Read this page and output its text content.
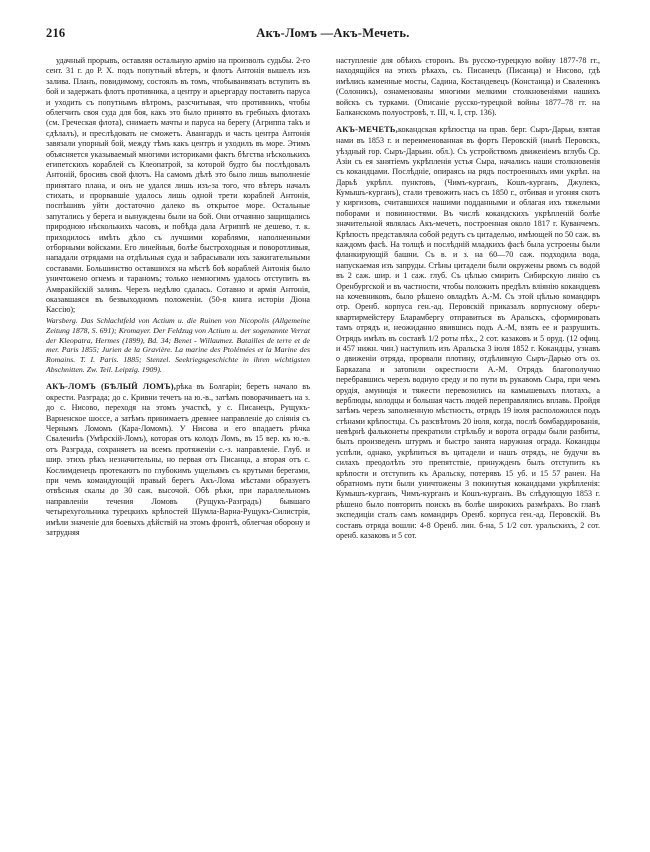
216	Акъ-Ломъ —Акъ-Мечеть.

удачный прорывъ, оставляя остальную армію на произволъ судьбы. 2-го сент. 31 г. до Р. Х. подъ попутный вѣтеръ, и флотъ Антонія вышелъ изъ залива. Планъ, повидимому, состоялъ въ томъ, чтобыванвязать вступить въ бой и задержать флотъ противника, а центру и арьергарду поставить паруса и уходить съ попутнымъ вѣтромъ, разсчитывая, что противникъ, чтобы облегчить своя суда для боя, какъ это было принято въ гребныхъ флотахъ (см. Греческая флота), снимаетъ мачты и паруса на берегу (Агриппа таkъ и сдѣлалъ), и преслѣдовать не сможетъ. Авангардъ и часть центра Антонія завязали упорный бой, между тѣмъ какъ центръ и уходилъ въ море. Этимъ объясняется указываемый многими историками фактъ бѣгства нѣсколькихъ египетскихъ кораблей съ Клеопатрой, за которой будто бы послѣдовалъ Антоній, бросивъ свой флотъ. На самомъ дѣлѣ это было лишь выполненіе принятаго плана, и онъ не удался лишь изъ-за того, что вѣтеръ началъ стихать, и прорвавшіе удалось лишь одной трети кораблей Антонія, поспѣшивъ уйти достаточно далеко въ открытое море. Остальные запутались у берега и вынуждены были на бой. Они отчаянно защищались природною нѣсколькихъ часовъ, и побѣда дала Агриппѣ не дешево, т. к. приходилось имѣть дѣло съ лучшими кораблями, наполненными отборными войсками. Его линейныя, болѣе быстроходныя и поворотливыя, нападали отрядами на отдѣльныя суда и забрасывали ихъ зажигательными составами. Большинство оставшихся на мѣстѣ боѣ кораблей Антонія было уничтожено огнемъ и тараномъ; только немногимъ удалось отступить въ Амвракійскій заливъ. Черезъ недѣлю сдалась. Сотавно и армія Антонія, оказавшаяся въ безвыходномъ положеніи. (50-я книга исторіи Діона Кассію);

Warsberg. Das Schlachtfeld von Actium u. die Ruinen von Nicopolis (Allgemeine Zeitung 1878, S. 691); Kromayer. Der Feldzug von Actium u. der sogenannte Verrat der Kleopatra, Hermes (1899), Bd. 34; Benet - Willaumez. Batailles de terre et de mer. Paris 1855; Jurien de la Gravière. La marine des Ptolémées et la Marine des Romains. T. I. Paris. 1885; Stenzel. Seekriegsgeschichte in ihren wichtigsten Abschnitten. Zw. Teil. Leipzig. 1909).

АКЪ-ЛОМЪ (БѢЛЫЙ ЛОМЪ),рѣка въ Болгаріи; беретъ начало въ окрести. Разграда; до с. Кривни течетъ на ю.-в., затѣмъ поворачиваетъ на з. до с. Нисово, переходя на этомъ участкѣ, у с. Писанецъ, Рущукъ-Варненское шоссе, а затѣмъ принимаетъ древнее направленіе до сліянія съ Чернымъ Ломомъ (Кара-Ломомъ). У Нисова и его впадаетъ рѣчка Свалениѣъ (Умѣрскій-Ломъ), которая отъ колодъ Ломъ, въ 15 вер. къ ю.-в. отъ Разграда, сохраняетъ на всемъ протяженіи с.-з. направленіе. Глуб. и шир. этихъ рѣкъ незначительны, но первая отъ Писанца, а вторая отъ с. Кослимденецъ протекаютъ по глубокимъ ущельямъ съ крутыми берегами, при чемъ командующій правый берегъ Акъ-Лома мѣстами образуетъ отвѣсныя скалы до 30 саж. высочой. Обѣ рѣки, при параллельномъ направленіи течения Ломовъ (Рущукъ-Разградъ) бывшаго четырехугольника турецкихъ крѣпостей Шумла-Варна-Рущукъ-Силистрія, имѣли значеніе для боевыхъ дѣйствій на этомъ фронтѣ, облегчая оборону и затрудняя

наступленіе для обѣихъ сторонъ. Въ русско-турецкую войну 1877-78 гг., находящійся на этихъ рѣкахъ, съ. Писанецъ (Писанца) и Нисово, гдѣ имѣлись каменные мосты, Садина, Костандевецъ (Констанца) и Сваленикъ (Солоникъ), ознаменованы многими мелкими столкновеніями нашихъ войскъ съ турками. (Описаніе русско-турецкой войны 1877–78 гг. на Балканскомъ полуостровѣ, т. III, ч. I, стр. 136).

АКЪ-МЕЧЕТЬ,кокандская крѣпостца на прав. берг. Сыръ-Дарьи, взятая нами въ 1853 г. и переименованная въ фортъ Перовскій (нынѣ Перовскъ, уѣздный гор. Сыръ-Дарьин. обл.). Съ устройствомъ движеніемъ вглубь Ср. Азіи съ ея занятіемъ укрѣпленія устья Сыра, начались наши столкновенія съ кокандцами. Послѣдніе, опираясь на рядъ построенныхъ ими укрѣп. на Дарьѣ укрѣпл. пунктовъ, (Чимъ-курганъ, Кошъ-курганъ, Джулекъ, Кумышъ-курганъ), стали тревожить насъ съ 1850 г., отбивая и угоняя скотъ у киргизовъ, считавшихся нашими подданными и облагая ихъ тяжелыми поборами и повинностями. Въ числѣ кокандскихъ укрѣпленій болѣе значительной являлась Акъ-мечеть, построенная около 1817 г. Куванчемъ. Крѣпость представляла собой редутъ съ цитаделью, имѣющей по 50 саж. въ каждомъ фасѣ. На толщѣ и послѣдній младкихъ фаcѣ была устроены были фланкирующій башни. Съ в. и з. на 60—70 саж. подходила вода, напускаемая изъ запруды. Стѣны цитадели были окружены рвомъ съ водой въ 2 саж. шир. и 1 саж. глуб. Съ цѣлью смирить Сибирскую линію съ Оренбургской и въ частности, чтобы положить предѣлъ вліянію кокандцевъ на кочевниковъ, было рѣшено овладѣть А.-М. Съ этой цѣлью командиръ отр. Оренб. корпуса ген.-ад. Перовскій приказалъ корпусному оберъ-квартирмейстеру Бларамбергу отправиться въ Аральскъ, сформировать тамъ отрядъ и, неожиданно явившись подъ А.-М, взять ее и разрушить. Отрядъ имѣлъ въ составѣ 1/2 роты пѣх., 2 сот. казаковъ и 5 оруд. (12 офиц. и 457 нижн. чин.) наступилъ изъ Аральска 3 іюля 1852 г. Кокандцы, узнавъ о движеніи отряда, прорвали плотину, отдѣливную Сыръ-Дарью отъ оз. Баркаzana и затопили окрестности А.-М. Отрядъ благополучно перебравшись черезъ водную среду и по пути въ рукавомъ Сыра, при чемъ орудія, амуниція и тяжести перевозились на камышевыхъ плотахъ, а верблюды, колодцы и большая часть людей переправлялись вплавь. Пройдя затѣмъ черезъ заполненную мѣстность, отрядъ 19 іюля расположился подъ стѣнами крѣпостцы. Съ разсвѣтомъ 20 іюля, когда, послѣ бомбардированія, невѣрнѣ фальконеты прекратили стрѣльбу и ворота ограды были разбиты, былъ произведенъ штурмъ и быстро занята наружная ограда. Кокандцы успѣли, однако, укрѣпиться въ цитадели и нашъ отрядъ, не будучи въ силахъ преодолѣть это препятствіе, принужденъ былъ отступить къ крѣпости и отступить къ Аральску, потерявъ 15 уб. и 15 57 ранен. На обратномъ пути были уничтожены 3 покинутыя кокандцами укрѣпленія: Кумышъ-курганъ, Чимъ-курганъ и Кошъ-курганъ. Въ слѣдующую 1853 г. рѣшено было повторить поискъ въ болѣе широкихъ размѣрахъ. Во главѣ экспедиціи сталъ самъ командиръ Оренб. корпуса ген.-ад. Перовскій. Въ составъ отряда вошли: 4-8 Оренб. лин. б-на, 5 1/2 сот. уральскихъ, 2 сот. оренб. казаковъ и 5 сот.
